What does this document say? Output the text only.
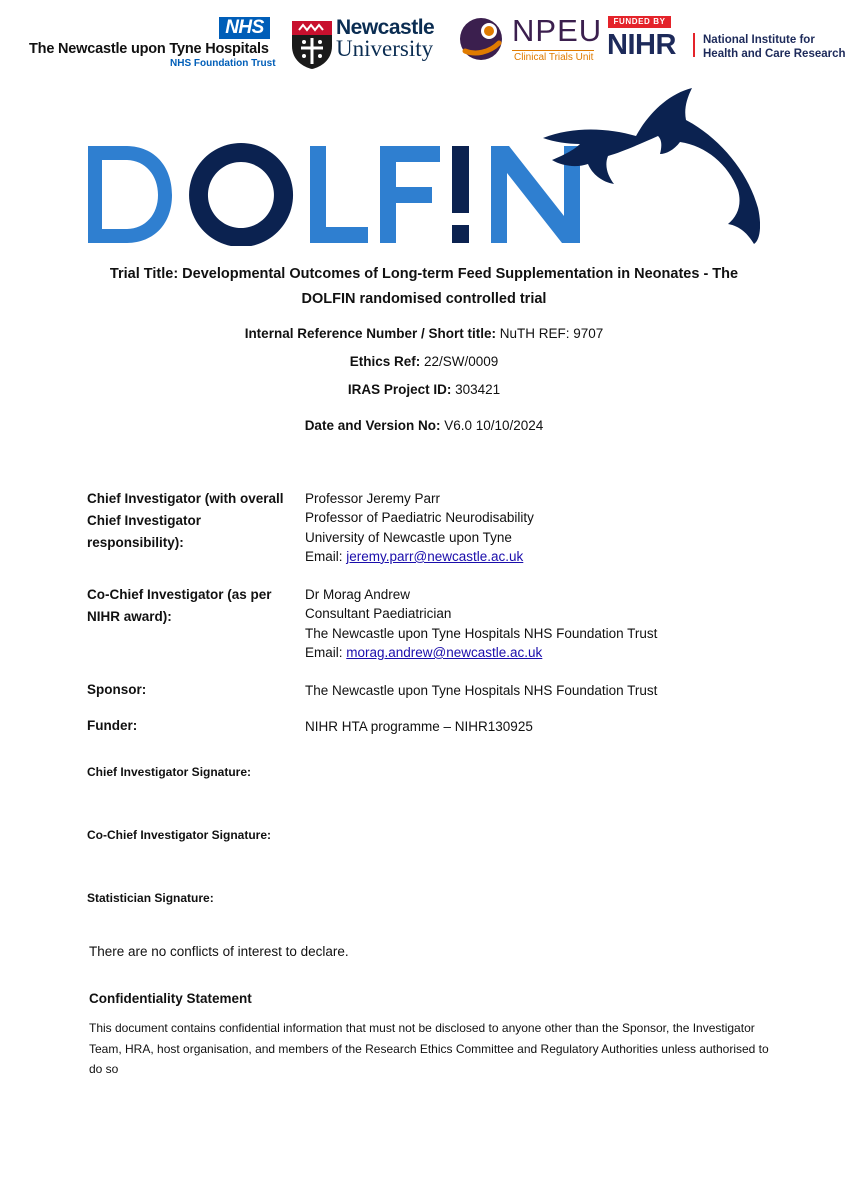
NHS
The Newcastle upon Tyne Hospitals
NHS Foundation Trust
Newcastle
University
NPEU
Clinical Trials Unit
FUNDED BY
NIHR National Institute for
Health and Care Research
Trial Title: Developmental Outcomes of Long-term Feed Supplementation in Neonates - The
DOLFIN randomised controlled trial
Internal Reference Number / Short title: NuTH REF: 9707
Ethics Ref: 22/SW/0009
IRAS Project ID: 303421
Date and Version No: V6.0 10/10/2024
Chief Investigator (with overall Chief Investigator responsibility):
Professor Jeremy Parr
Professor of Paediatric Neurodisability
University of Newcastle upon Tyne
Email: jeremy.parr@newcastle.ac.uk
Co-Chief Investigator (as per NIHR award):
Dr Morag Andrew
Consultant Paediatrician
The Newcastle upon Tyne Hospitals NHS Foundation Trust
Email: morag.andrew@newcastle.ac.uk
Sponsor:	The Newcastle upon Tyne Hospitals NHS Foundation Trust
Funder:	NIHR HTA programme – NIHR130925
Chief Investigator Signature:
Co-Chief Investigator Signature:
Statistician Signature:
There are no conflicts of interest to declare.
Confidentiality Statement
This document contains confidential information that must not be disclosed to anyone other than the Sponsor, the Investigator Team, HRA, host organisation, and members of the Research Ethics Committee and Regulatory Authorities unless authorised to do so
